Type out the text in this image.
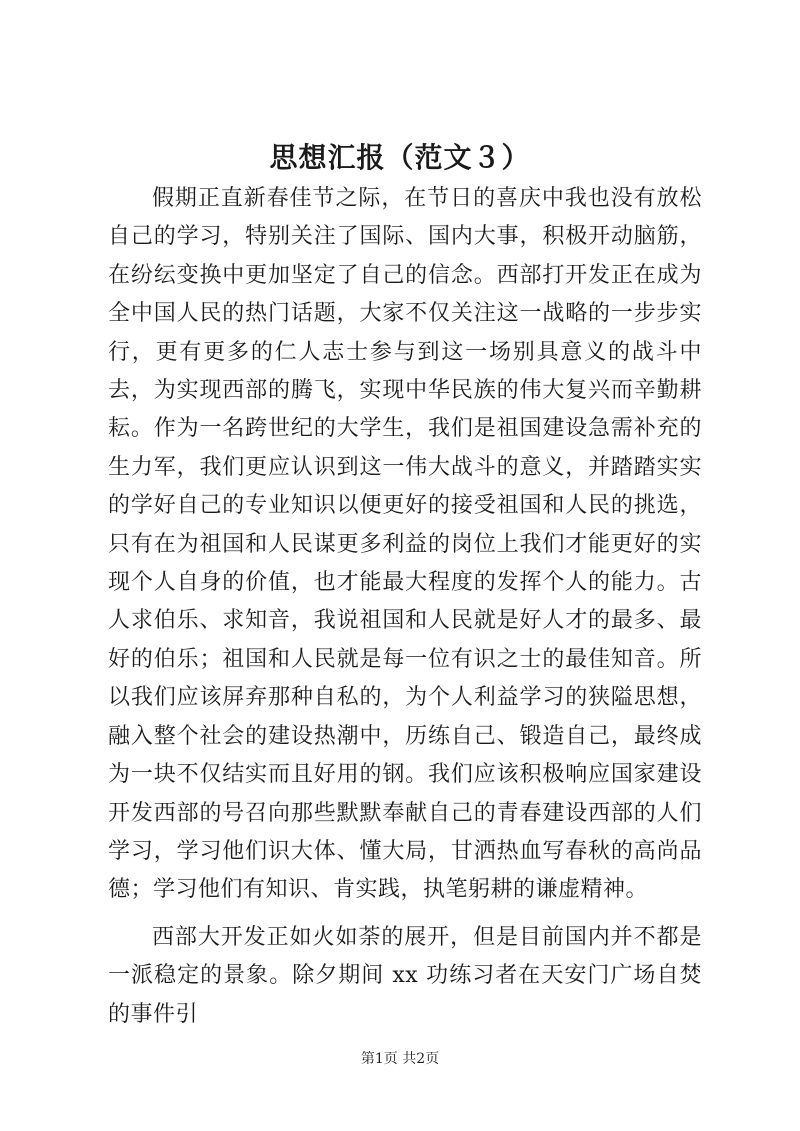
思想汇报（范文３）

假期正直新春佳节之际，在节日的喜庆中我也没有放松自己的学习，特别关注了国际、国内大事，积极开动脑筋，在纷纭变换中更加坚定了自己的信念。西部打开发正在成为全中国人民的热门话题，大家不仅关注这一战略的一步步实行，更有更多的仁人志士参与到这一场别具意义的战斗中去，为实现西部的腾飞，实现中华民族的伟大复兴而辛勤耕耘。作为一名跨世纪的大学生，我们是祖国建设急需补充的生力军，我们更应认识到这一伟大战斗的意义，并踏踏实实的学好自己的专业知识以便更好的接受祖国和人民的挑选，只有在为祖国和人民谋更多利益的岗位上我们才能更好的实现个人自身的价值，也才能最大程度的发挥个人的能力。古人求伯乐、求知音，我说祖国和人民就是好人才的最多、最好的伯乐；祖国和人民就是每一位有识之士的最佳知音。所以我们应该屏弃那种自私的，为个人利益学习的狭隘思想，融入整个社会的建设热潮中，历练自己、锻造自己，最终成为一块不仅结实而且好用的钢。我们应该积极响应国家建设开发西部的号召向那些默默奉献自己的青春建设西部的人们学习，学习他们识大体、懂大局，甘洒热血写春秋的高尚品德；学习他们有知识、肯实践，执笔躬耕的谦虚精神。

西部大开发正如火如荼的展开，但是目前国内并不都是一派稳定的景象。除夕期间 xx 功练习者在天安门广场自焚的事件引

第1页 共2页
